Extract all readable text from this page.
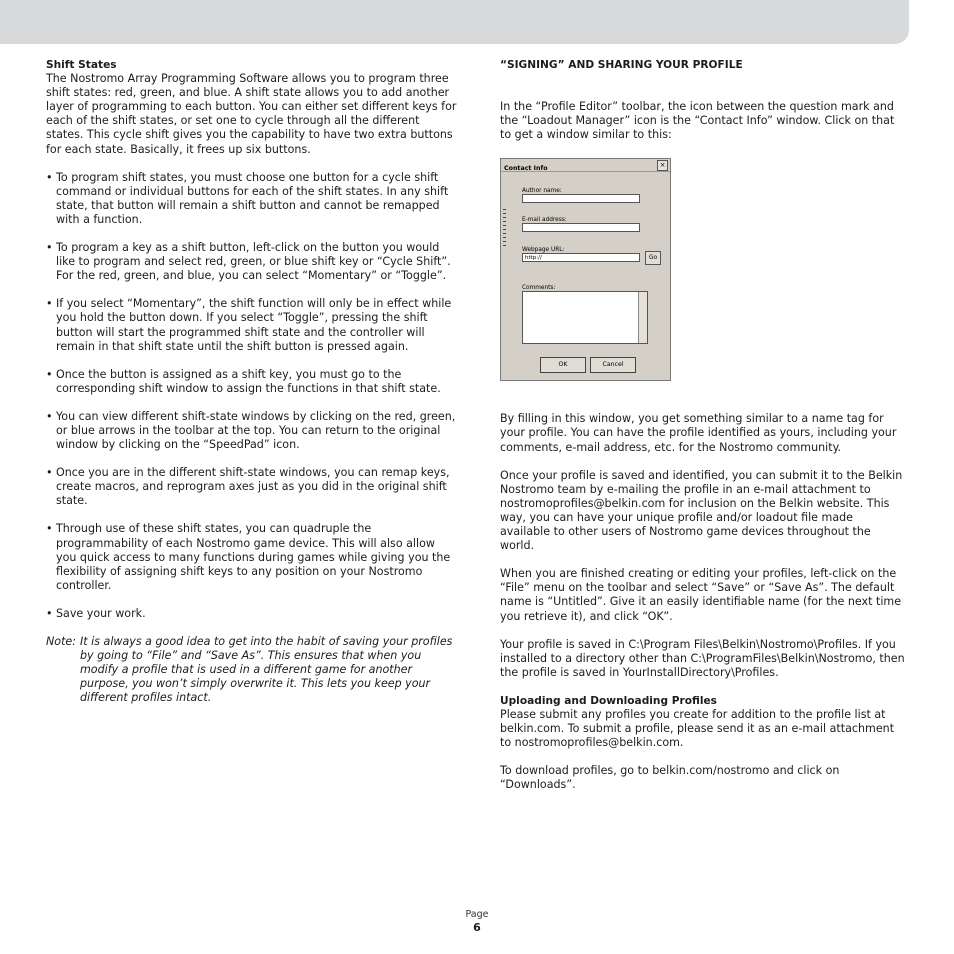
Shift States

The Nostromo Array Programming Software allows you to program three shift states: red, green, and blue. A shift state allows you to add another layer of programming to each button. You can either set different keys for each of the shift states, or set one to cycle through all the different states. This cycle shift gives you the capability to have two extra buttons for each state. Basically, it frees up six buttons.

• To program shift states, you must choose one button for a cycle shift command or individual buttons for each of the shift states. In any shift state, that button will remain a shift button and cannot be remapped with a function.
• To program a key as a shift button, left-click on the button you would like to program and select red, green, or blue shift key or “Cycle Shift”. For the red, green, and blue, you can select “Momentary” or “Toggle”.
• If you select “Momentary”, the shift function will only be in effect while you hold the button down. If you select “Toggle”, pressing the shift button will start the programmed shift state and the controller will remain in that shift state until the shift button is pressed again.
• Once the button is assigned as a shift key, you must go to the corresponding shift window to assign the functions in that shift state.
• You can view different shift-state windows by clicking on the red, green, or blue arrows in the toolbar at the top. You can return to the original window by clicking on the “SpeedPad” icon.
• Once you are in the different shift-state windows, you can remap keys, create macros, and reprogram axes just as you did in the original shift state.
• Through use of these shift states, you can quadruple the programmability of each Nostromo game device. This will also allow you quick access to many functions during games while giving you the flexibility of assigning shift keys to any position on your Nostromo controller.
• Save your work.
Note: It is always a good idea to get into the habit of saving your profiles by going to “File” and “Save As”. This ensures that when you modify a profile that is used in a different game for another purpose, you won’t simply overwrite it. This lets you keep your different profiles intact.

“SIGNING” AND SHARING YOUR PROFILE

In the “Profile Editor” toolbar, the icon between the question mark and the “Loadout Manager” icon is the “Contact Info” window. Click on that to get a window similar to this:

Contact Info	×
Author name:
E-mail address:
Webpage URL:
http://	Go
Comments:
OK	Cancel

By filling in this window, you get something similar to a name tag for your profile. You can have the profile identified as yours, including your comments, e-mail address, etc. for the Nostromo community.

Once your profile is saved and identified, you can submit it to the Belkin Nostromo team by e-mailing the profile in an e-mail attachment to nostromoprofiles@belkin.com for inclusion on the Belkin website. This way, you can have your unique profile and/or loadout file made available to other users of Nostromo game devices throughout the world.

When you are finished creating or editing your profiles, left-click on the “File” menu on the toolbar and select “Save” or “Save As”. The default name is “Untitled”. Give it an easily identifiable name (for the next time you retrieve it), and click “OK”.

Your profile is saved in C:\Program Files\Belkin\Nostromo\Profiles. If you installed to a directory other than C:\ProgramFiles\Belkin\Nostromo, then the profile is saved in YourInstallDirectory\Profiles.

Uploading and Downloading Profiles

Please submit any profiles you create for addition to the profile list at belkin.com. To submit a profile, please send it as an e-mail attachment to nostromoprofiles@belkin.com.

To download profiles, go to belkin.com/nostromo and click on “Downloads”.

Page
6
